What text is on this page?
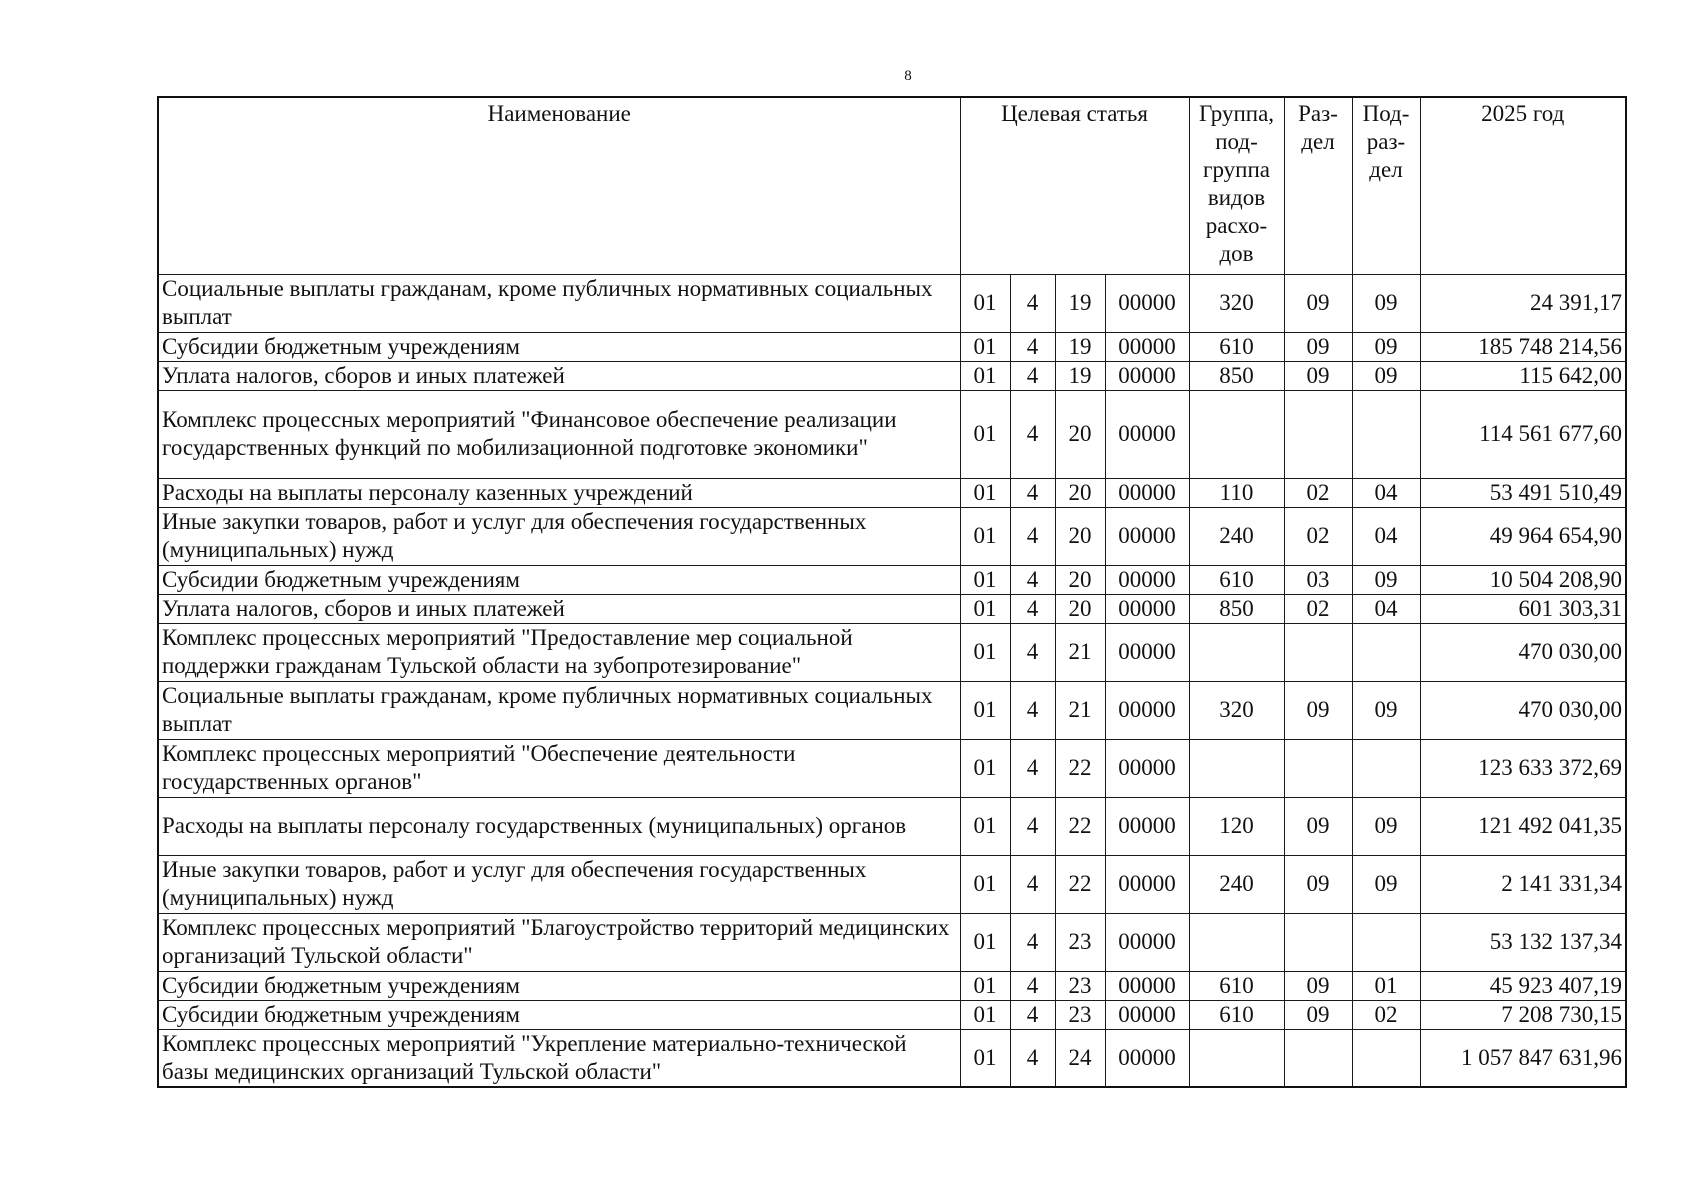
8
Наименование	Целевая статья				Группа, под- группа видов расхо- дов	Раз- дел	Под- раз- дел	2025 год
Социальные выплаты гражданам, кроме публичных нормативных социальных выплат	01	4	19	00000	320	09	09	24 391,17
Субсидии бюджетным учреждениям	01	4	19	00000	610	09	09	185 748 214,56
Уплата налогов, сборов и иных платежей	01	4	19	00000	850	09	09	115 642,00
Комплекс процессных мероприятий "Финансовое обеспечение реализации государственных функций по мобилизационной подготовке экономики"	01	4	20	00000				114 561 677,60
Расходы на выплаты персоналу казенных учреждений	01	4	20	00000	110	02	04	53 491 510,49
Иные закупки товаров, работ и услуг для обеспечения государственных (муниципальных) нужд	01	4	20	00000	240	02	04	49 964 654,90
Субсидии бюджетным учреждениям	01	4	20	00000	610	03	09	10 504 208,90
Уплата налогов, сборов и иных платежей	01	4	20	00000	850	02	04	601 303,31
Комплекс процессных мероприятий "Предоставление мер социальной поддержки гражданам Тульской области на зубопротезирование"	01	4	21	00000				470 030,00
Социальные выплаты гражданам, кроме публичных нормативных социальных выплат	01	4	21	00000	320	09	09	470 030,00
Комплекс процессных мероприятий "Обеспечение деятельности государственных органов"	01	4	22	00000				123 633 372,69
Расходы на выплаты персоналу государственных (муниципальных) органов	01	4	22	00000	120	09	09	121 492 041,35
Иные закупки товаров, работ и услуг для обеспечения государственных (муниципальных) нужд	01	4	22	00000	240	09	09	2 141 331,34
Комплекс процессных мероприятий "Благоустройство территорий медицинских организаций Тульской области"	01	4	23	00000				53 132 137,34
Субсидии бюджетным учреждениям	01	4	23	00000	610	09	01	45 923 407,19
Субсидии бюджетным учреждениям	01	4	23	00000	610	09	02	7 208 730,15
Комплекс процессных мероприятий "Укрепление материально-технической базы медицинских организаций Тульской области"	01	4	24	00000				1 057 847 631,96
